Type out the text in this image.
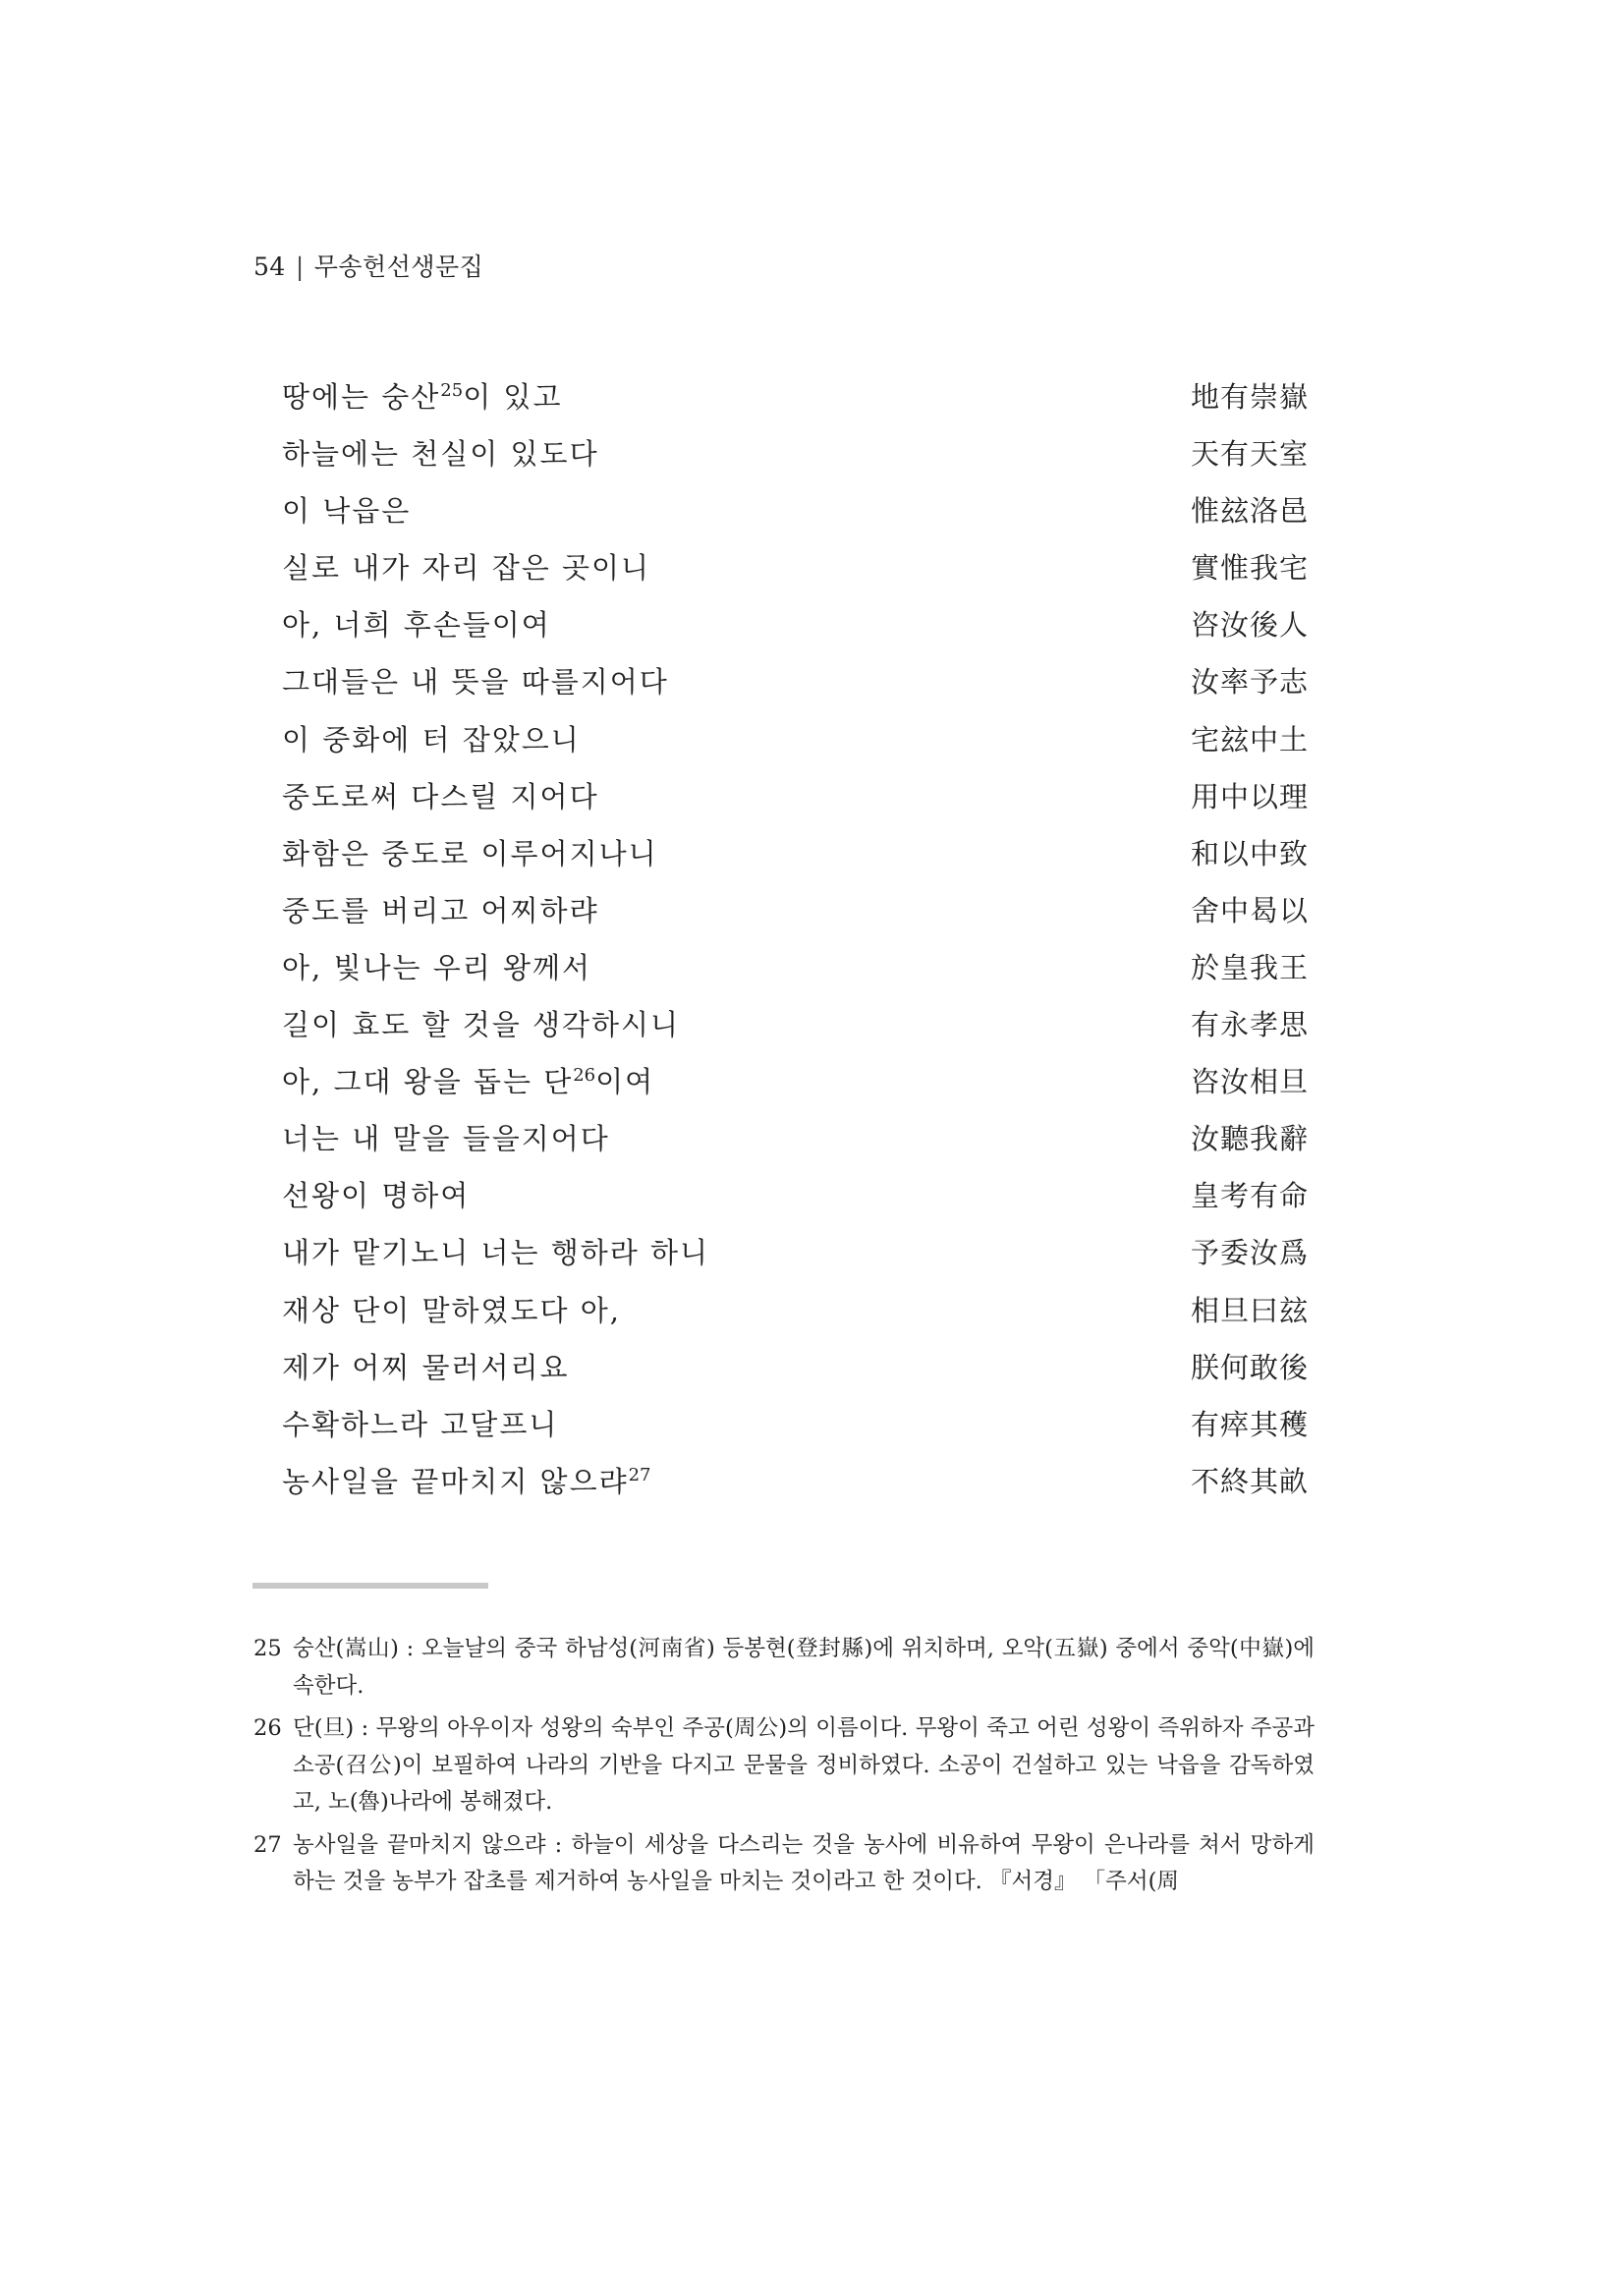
54 | 무송헌선생문집
땅에는 숭산$^{25}$이 있고	地有崇嶽
하늘에는 천실이 있도다	天有天室
이 낙읍은	惟玆洛邑
실로 내가 자리 잡은 곳이니	實惟我宅
아, 너희 후손들이여	咨汝後人
그대들은 내 뜻을 따를지어다	汝率予志
이 중화에 터 잡았으니	宅玆中土
중도로써 다스릴 지어다	用中以理
화함은 중도로 이루어지나니	和以中致
중도를 버리고 어찌하랴	舍中曷以
아, 빛나는 우리 왕께서	於皇我王
길이 효도 할 것을 생각하시니	有永孝思
아, 그대 왕을 돕는 단$^{26}$이여	咨汝相旦
너는 내 말을 들을지어다	汝聽我辭
선왕이 명하여	皇考有命
내가 맡기노니 너는 행하라 하니	予委汝爲
재상 단이 말하였도다 아,	相旦曰玆
제가 어찌 물러서리요	朕何敢後
수확하느라 고달프니	有瘁其穫
농사일을 끝마치지 않으랴$^{27}$	不終其畝
25 숭산(嵩山) : 오늘날의 중국 하남성(河南省) 등봉현(登封縣)에 위치하며, 오악(五嶽) 중에서 중악(中嶽)에 속한다.
26 단(旦) : 무왕의 아우이자 성왕의 숙부인 주공(周公)의 이름이다. 무왕이 죽고 어린 성왕이 즉위하자 주공과 소공(召公)이 보필하여 나라의 기반을 다지고 문물을 정비하였다. 소공이 건설하고 있는 낙읍을 감독하였고, 노(魯)나라에 봉해졌다.
27 농사일을 끝마치지 않으랴 : 하늘이 세상을 다스리는 것을 농사에 비유하여 무왕이 은나라를 쳐서 망하게 하는 것을 농부가 잡초를 제거하여 농사일을 마치는 것이라고 한 것이다. 『서경』 「주서(周
